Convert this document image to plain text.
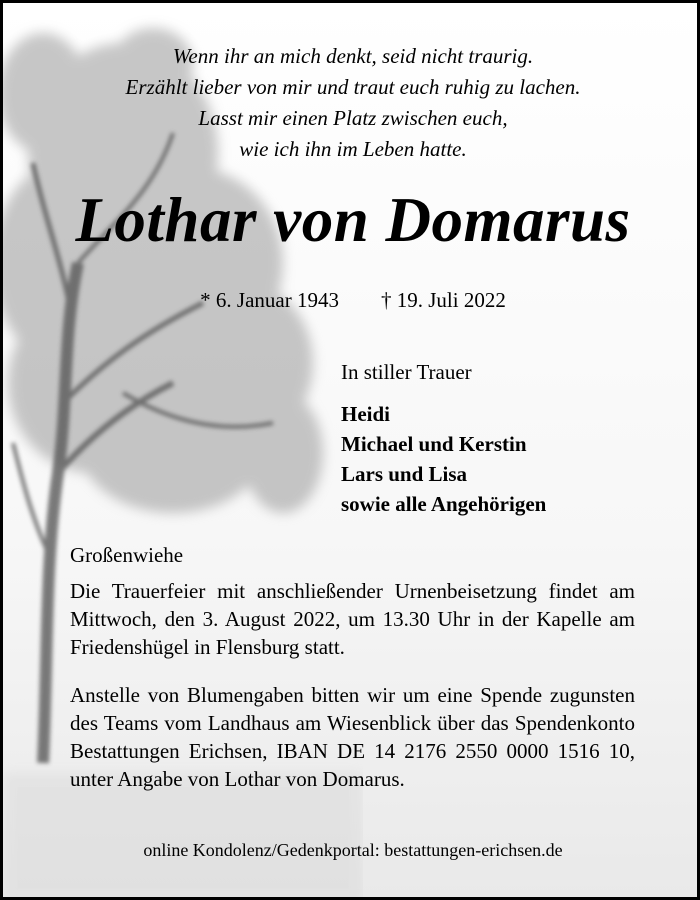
Wenn ihr an mich denkt, seid nicht traurig.
Erzählt lieber von mir und traut euch ruhig zu lachen.
Lasst mir einen Platz zwischen euch,
wie ich ihn im Leben hatte.
Lothar von Domarus
* 6. Januar 1943 † 19. Juli 2022
In stiller Trauer
Heidi
Michael und Kerstin
Lars und Lisa
sowie alle Angehörigen
Großenwiehe
Die Trauerfeier mit anschließender Urnenbeisetzung findet am Mittwoch, den 3. August 2022, um 13.30 Uhr in der Kapelle am Friedenshügel in Flensburg statt.
Anstelle von Blumengaben bitten wir um eine Spende zugunsten des Teams vom Landhaus am Wiesenblick über das Spendenkonto Bestattungen Erichsen, IBAN DE 14 2176 2550 0000 1516 10, unter Angabe von Lothar von Domarus.
online Kondolenz/Gedenkportal: bestattungen-erichsen.de
